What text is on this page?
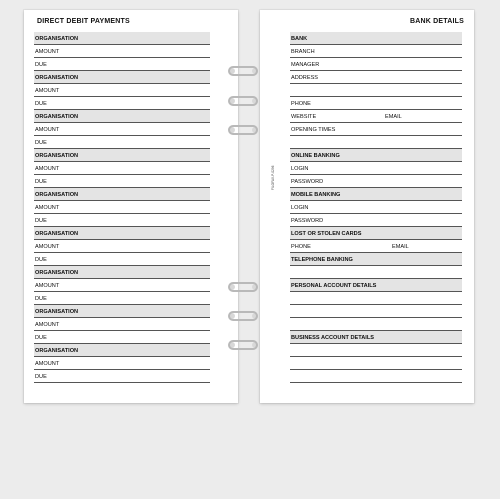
DIRECT DEBIT PAYMENTS
ORGANISATION
AMOUNT
DUE
ORGANISATION
AMOUNT
DUE
ORGANISATION
AMOUNT
DUE
ORGANISATION
AMOUNT
DUE
ORGANISATION
AMOUNT
DUE
ORGANISATION
AMOUNT
DUE
ORGANISATION
AMOUNT
DUE
ORGANISATION
AMOUNT
DUE
ORGANISATION
AMOUNT
DUE
BANK DETAILS
BANK
BRANCH
MANAGER
ADDRESS
PHONE
WEBSITE	EMAIL
OPENING TIMES
ONLINE BANKING
LOGIN
PASSWORD
MOBILE BANKING
LOGIN
PASSWORD
LOST OR STOLEN CARDS
PHONE	EMAIL
TELEPHONE BANKING
PERSONAL ACCOUNT DETAILS
BUSINESS ACCOUNT DETAILS
FILOFAX-P-0296
